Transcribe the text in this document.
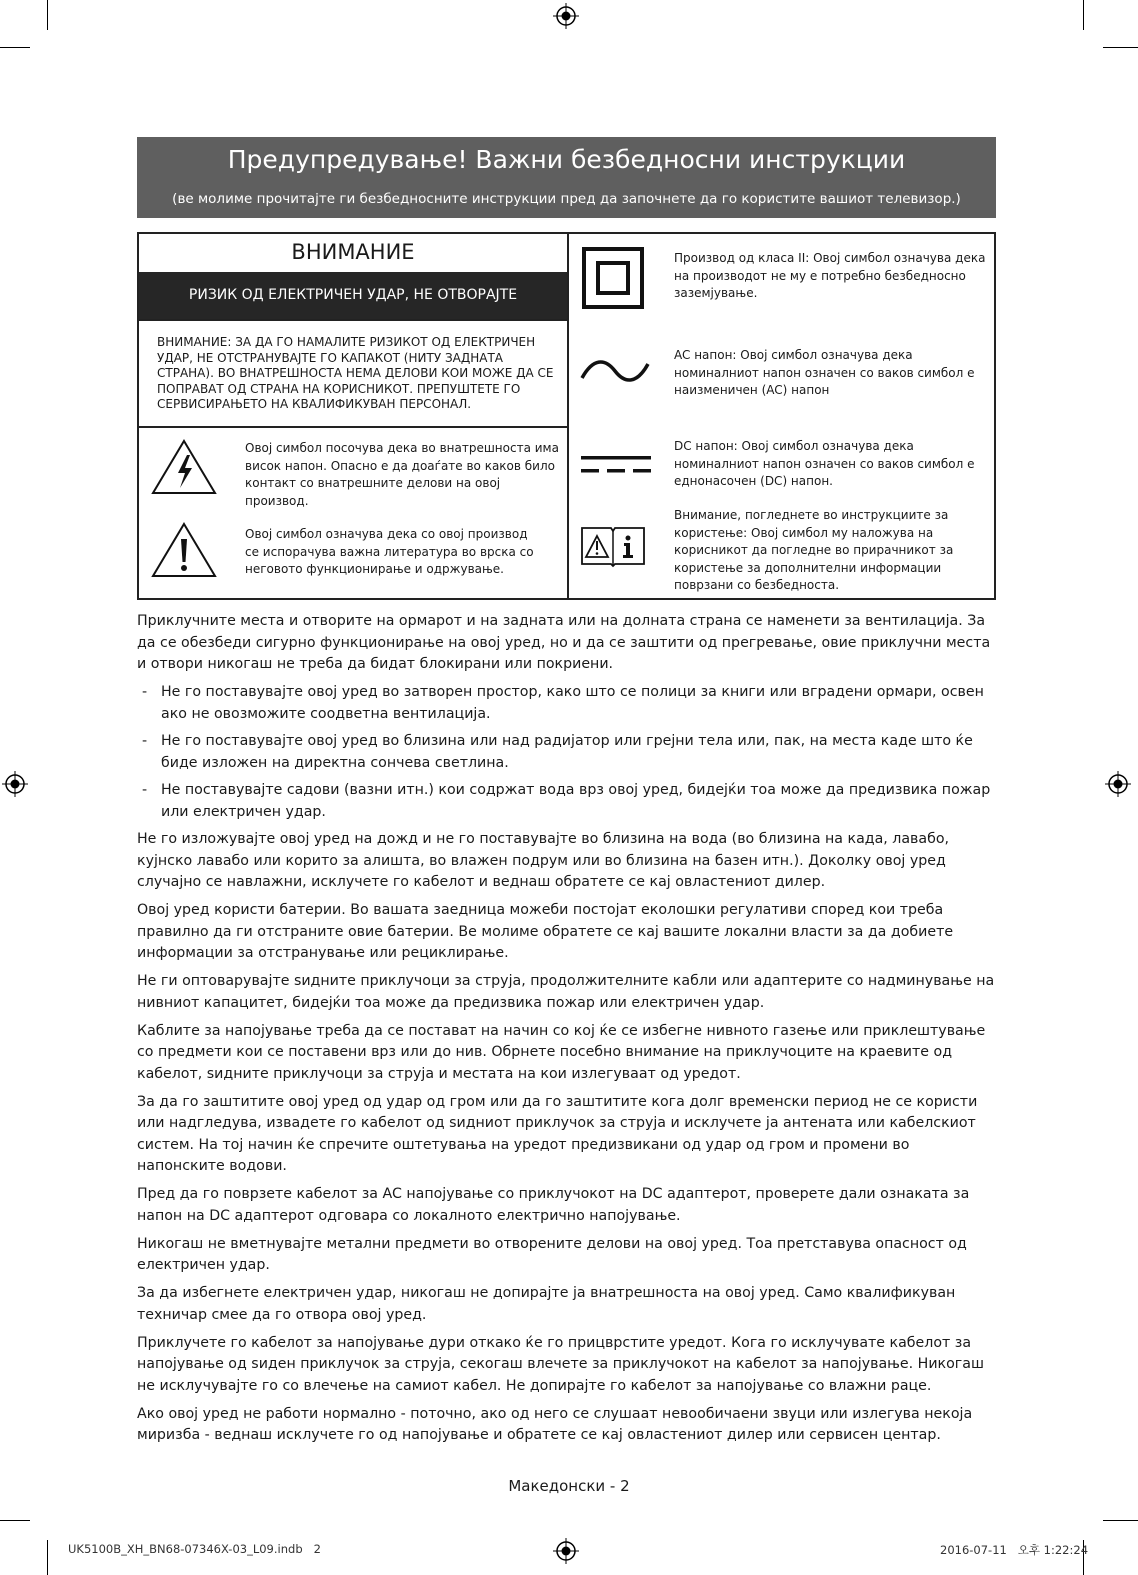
Предупредување! Важни безбедносни инструкции
(ве молиме прочитајте ги безбедносните инструкции пред да започнете да го користите вашиот телевизор.)
ВНИМАНИЕ
РИЗИК ОД ЕЛЕКТРИЧЕН УДАР, НЕ ОТВОРАЈТЕ
ВНИМАНИЕ: ЗА ДА ГО НАМАЛИТЕ РИЗИКОТ ОД ЕЛЕКТРИЧЕН УДАР, НЕ ОТСТРАНУВАЈТЕ ГО КАПАКОТ (НИТУ ЗАДНАТА СТРАНА). ВО ВНАТРЕШНОСТА НЕМА ДЕЛОВИ КОИ МОЖЕ ДА СЕ ПОПРАВАТ ОД СТРАНА НА КОРИСНИКОТ. ПРЕПУШТЕТЕ ГО СЕРВИСИРАЊЕТО НА КВАЛИФИКУВАН ПЕРСОНАЛ.
Овој симбол посочува дека во внатрешноста има висок напон. Опасно е да доаѓате во каков било контакт со внатрешните делови на овој производ.
Овој симбол означува дека со овој производ се испорачува важна литература во врска со неговото функционирање и одржување.
Производ од класа II: Овој симбол означува дека на производот не му е потребно безбедносно заземјување.
AC напон: Овој симбол означува дека номиналниот напон означен со ваков симбол е наизменичен (AC) напон
DC напон: Овој симбол означува дека номиналниот напон означен со ваков симбол е еднонасочен (DC) напон.
Внимание, погледнете во инструкциите за користење: Овој симбол му наложува на корисникот да погледне во прирачникот за користење за дополнителни информации поврзани со безбедноста.

Приклучните места и отворите на ормарот и на задната или на долната страна се наменети за вентилација. За да се обезбеди сигурно функционирање на овој уред, но и да се заштити од прегревање, овие приклучни места и отвори никогаш не треба да бидат блокирани или покриени.

- Не го поставувајте овој уред во затворен простор, како што се полици за книги или вградени ормари, освен ако не овозможите соодветна вентилација.
- Не го поставувајте овој уред во близина или над радијатор или грејни тела или, пак, на места каде што ќе биде изложен на директна сончева светлина.
- Не поставувајте садови (вазни итн.) кои содржат вода врз овој уред, бидејќи тоа може да предизвика пожар или електричен удар.

Не го изложувајте овој уред на дожд и не го поставувајте во близина на вода (во близина на када, лавабо, кујнско лавабо или корито за алишта, во влажен подрум или во близина на базен итн.). Доколку овој уред случајно се навлажни, исклучете го кабелот и веднаш обратете се кај овластениот дилер.

Овој уред користи батерии. Во вашата заедница можеби постојат еколошки регулативи според кои треба правилно да ги отстраните овие батерии. Ве молиме обратете се кај вашите локални власти за да добиете информации за отстранување или рециклирање.

Не ги оптоварувајте ѕидните приклучоци за струја, продолжителните кабли или адаптерите со надминување на нивниот капацитет, бидејќи тоа може да предизвика пожар или електричен удар.

Каблите за напојување треба да се постават на начин со кој ќе се избегне нивното газење или приклештување со предмети кои се поставени врз или до нив. Обрнете посебно внимание на приклучоците на краевите од кабелот, ѕидните приклучоци за струја и местата на кои излегуваат од уредот.

За да го заштитите овој уред од удар од гром или да го заштитите кога долг временски период не се користи или надгледува, извадете го кабелот од ѕидниот приклучок за струја и исклучете ја антената или кабелскиот систем. На тој начин ќе спречите оштетувања на уредот предизвикани од удар од гром и промени во напонските водови.

Пред да го поврзете кабелот за AC напојување со приклучокот на DC адаптерот, проверете дали ознаката за напон на DC адаптерот одговара со локалното електрично напојување.

Никогаш не вметнувајте метални предмети во отворените делови на овој уред. Тоа претставува опасност од електричен удар.

За да избегнете електричен удар, никогаш не допирајте ја внатрешноста на овој уред. Само квалификуван техничар смее да го отвора овој уред.

Приклучете го кабелот за напојување дури откако ќе го прицврстите уредот. Кога го исклучувате кабелот за напојување од ѕиден приклучок за струја, секогаш влечете за приклучокот на кабелот за напојување. Никогаш не исклучувајте го со влечење на самиот кабел. Не допирајте го кабелот за напојување со влажни раце.

Ако овој уред не работи нормално - поточно, ако од него се слушаат невообичаени звуци или излегува некоја миризба - веднаш исклучете го од напојување и обратете се кај овластениот дилер или сервисен центар.

Македонски - 2
UK5100B_XH_BN68-07346X-03_L09.indb   2	2016-07-11   오후 1:22:24
